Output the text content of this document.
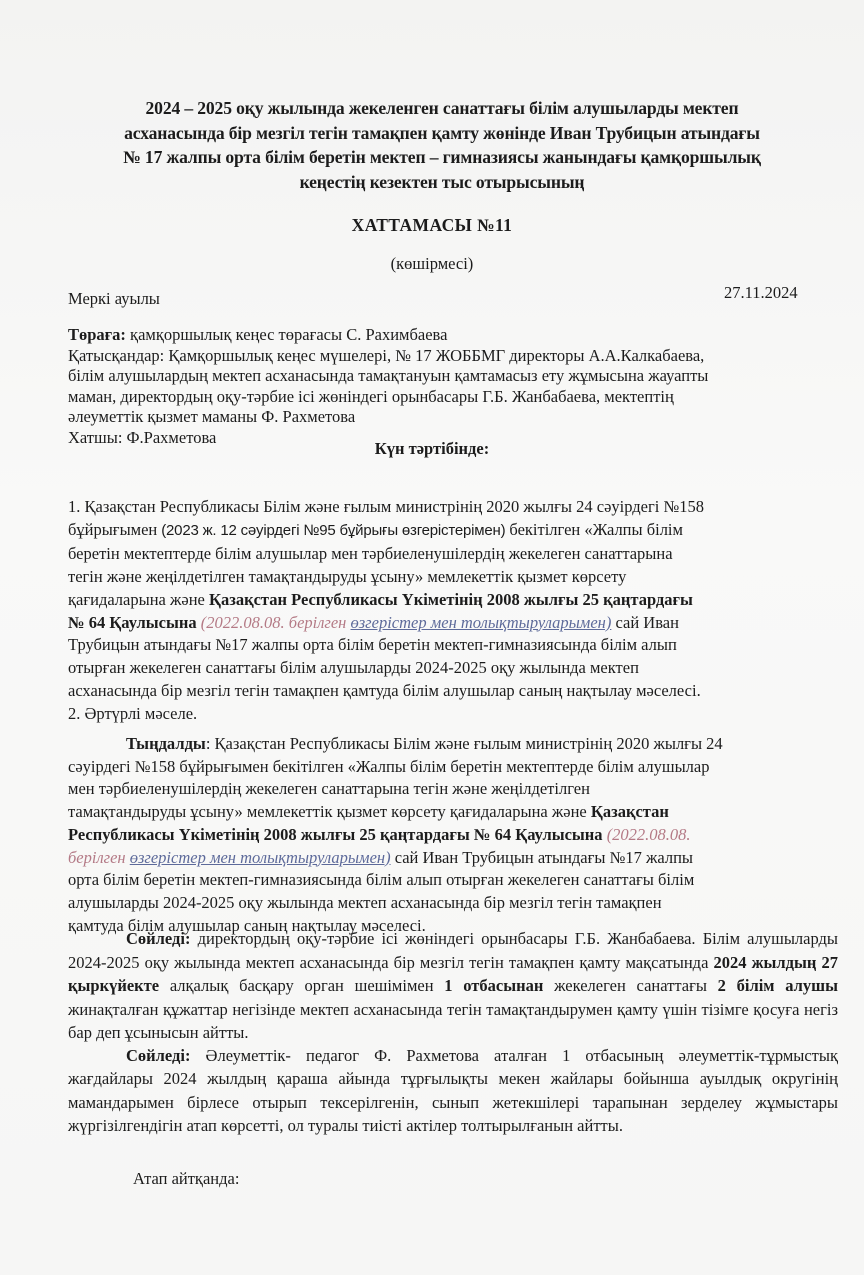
2024 – 2025 оқу жылында жекеленген санаттағы білім алушыларды мектеп
асханасында бір мезгіл тегін тамақпен қамту жөнінде Иван Трубицын атындағы
№ 17 жалпы орта білім беретін мектеп – гимназиясы жанындағы қамқоршылық
кеңестің кезектен тыс отырысының
ХАТТАМАСЫ №11
(көшірмесі)
Меркі ауылы	27.11.2024

Төраға: қамқоршылық кеңес төрағасы С. Рахимбаева

Қатысқандар: Қамқоршылық кеңес мүшелері, № 17 ЖОББМГ директоры А.А.Калкабаева,

білім алушылардың мектеп асханасында тамақтануын қамтамасыз ету жұмысына жауапты

маман, директордың оқу-тәрбие ісі жөніндегі орынбасары Г.Б. Жанбабаева, мектептің

әлеуметтік қызмет маманы Ф. Рахметова

Хатшы: Ф.Рахметова

Күн тәртібінде:

1. Қазақстан Республикасы Білім және ғылым министрінің 2020 жылғы 24 сәуірдегі №158

бұйрығымен (2023 ж. 12 сәуірдегі №95 бұйрығы өзгерістерімен) бекітілген «Жалпы білім

беретін мектептерде білім алушылар мен тәрбиеленушілердің жекелеген санаттарына

тегін және жеңілдетілген тамақтандыруды ұсыну» мемлекеттік қызмет көрсету

қағидаларына және Қазақстан Республикасы Үкіметінің 2008 жылғы 25 қаңтардағы

№ 64 Қаулысына (2022.08.08. берілген өзгерістер мен толықтыруларымен) сай Иван

Трубицын атындағы №17 жалпы орта білім беретін мектеп-гимназиясында білім алып

отырған жекелеген санаттағы білім алушыларды 2024-2025 оқу жылында мектеп

асханасында бір мезгіл тегін тамақпен қамтуда білім алушылар саның нақтылау мәселесі.

2. Әртүрлі мәселе.

Тыңдалды: Қазақстан Республикасы Білім және ғылым министрінің 2020 жылғы 24

сәуірдегі №158 бұйрығымен бекітілген «Жалпы білім беретін мектептерде білім алушылар

мен тәрбиеленушілердің жекелеген санаттарына тегін және жеңілдетілген

тамақтандыруды ұсыну» мемлекеттік қызмет көрсету қағидаларына және Қазақстан

Республикасы Үкіметінің 2008 жылғы 25 қаңтардағы № 64 Қаулысына (2022.08.08.

берілген өзгерістер мен толықтыруларымен) сай Иван Трубицын атындағы №17 жалпы

орта білім беретін мектеп-гимназиясында білім алып отырған жекелеген санаттағы білім

алушыларды 2024-2025 оқу жылында мектеп асханасында бір мезгіл тегін тамақпен

қамтуда білім алушылар саның нақтылау мәселесі.

Сөйледі: директордың оқу-тәрбие ісі жөніндегі орынбасары Г.Б. Жанбабаева. Білім алушыларды 2024-2025 оқу жылында мектеп асханасында бір мезгіл тегін тамақпен қамту мақсатында 2024 жылдың 27 қыркүйекте алқалық басқару орган шешімімен 1 отбасынан жекелеген санаттағы 2 білім алушы жинақталған құжаттар негізінде мектеп асханасында тегін тамақтандырумен қамту үшін тізімге қосуға негіз бар деп ұсынысын айтты.

Сөйледі: Әлеуметтік- педагог Ф. Рахметова аталған 1 отбасының әлеуметтік-тұрмыстық жағдайлары 2024 жылдың қараша айында тұрғылықты мекен жайлары бойынша ауылдық округінің мамандарымен бірлесе отырып тексерілгенін, сынып жетекшілері тарапынан зерделеу жұмыстары жүргізілгендігін атап көрсетті, ол туралы тиісті актілер толтырылғанын айтты.

Атап айтқанда:
